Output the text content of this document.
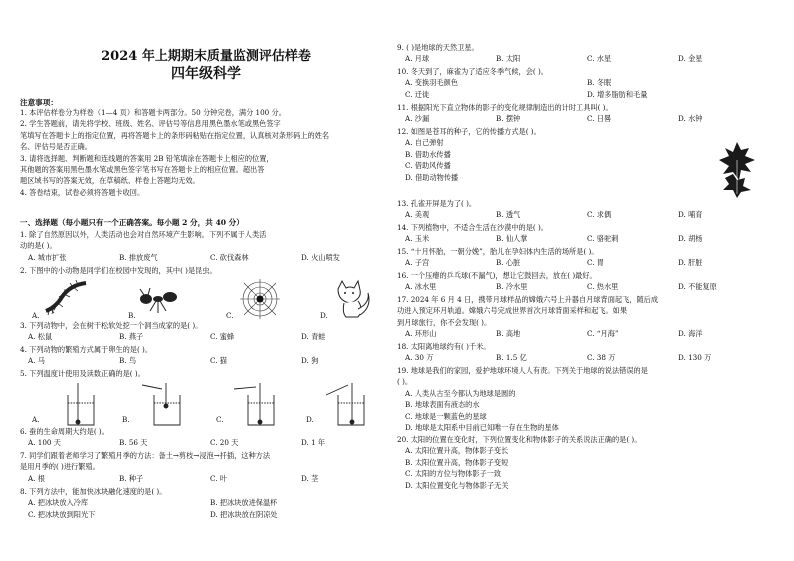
2024 年上期期末质量监测评估样卷
四年级科学
注意事项：
1. 本评估样卷分为样卷（1—4 页）和答题卡两部分。50 分钟完卷，满分 100 分。
2. 学生答题前，请先将学校、班级、姓名、评估号等信息用黑色墨水笔或黑色签字
笔填写在答题卡上的指定位置，再将答题卡上的条形码粘贴在指定位置，认真核对条形码上的姓名
名、评估号是否正确。
3. 请将选择题、判断题和连线题的答案用 2B 铅笔填涂在答题卡上相应的位置，
其他题的答案用黑色墨水笔或黑色签字笔书写在答题卡上的相应位置。超出答
题区域书写的答案无效，在草稿纸、样卷上答题均无效。
4. 答卷结束，试卷必须将答题卡收回。
一、选择题（每小题只有一个正确答案。每小题 2 分，共 40 分）
1. 除了自然原因以外，人类活动也会对自然环境产生影响。下列不属于人类活
动的是( )。
A. 城市扩张	B. 排放废气	C. 砍伐森林	D. 火山喷发
2. 下图中的小动物是同学们在校园中发现的，其中( )是昆虫。
A.	B.	C.	D.
3. 下列动物中，会在树干松软处挖一个洞当成家的是( )。
A. 松鼠	B. 燕子	C. 蜜蜂	D. 青蛙
4. 下列动物的繁殖方式属于卵生的是( )。
A. 马	B. 鸟	C. 猫	D. 狗
5. 下列温度计使用及读数正确的是( )。
A.	B.	C.	D.
6. 蚕的生命周期大约是( )。
A. 100 天	B. 56 天	C. 20 天	D. 1 年
7. 同学们跟着老师学习了繁殖月季的方法：备土→剪枝→浸泡→扦插，这种方法
是用月季的( )进行繁殖。
A. 根	B. 种子	C. 叶	D. 茎
8. 下列方法中，能加快冰块融化速度的是( )。
A. 把冰块放入冷库	B. 把冰块放进保温杯
C. 把冰块放到阳光下	D. 把冰块放在阴凉处
9. ( )是地球的天然卫星。
A. 月球	B. 太阳	C. 水星	D. 金星
10. 冬天到了，麻雀为了适应冬季气候，会( )。
A. 变换羽毛颜色	B. 冬眠
C. 迁徙	D. 增多脂肪和毛量
11. 根据阳光下直立物体的影子的变化规律制造出的计时工具叫( )。
A. 沙漏	B. 摆钟	C. 日晷	D. 水钟
12. 如图是苍耳的种子，它的传播方式是( )。
A. 自己弹射
B. 借助水传播
C. 借助风传播
D. 借助动物传播
13. 孔雀开屏是为了( )。
A. 美观	B. 透气	C. 求偶	D. 哺育
14. 下列植物中，不适合生活在沙漠中的是( )。
A. 玉米	B. 仙人掌	C. 骆驼刺	D. 胡杨
15. “十月怀胎，一朝分娩”，胎儿在孕妇体内生活的场所是( )。
A. 子宫	B. 心脏	C. 胃	D. 肝脏
16. 一个压瘪的乒乓球(不漏气)，想让它鼓回去，放在( )最好。
A. 冰水里	B. 冷水里	C. 热水里	D. 不能复原
17. 2024 年 6 月 4 日，携带月球样品的嫦娥六号上升器自月球背面起飞，随后成
功进入预定环月轨道。嫦娥六号完成世界首次月球背面采样和起飞。如果
到月球旅行，你不会发现( )。
A. 环形山	B. 高地	C. “月海”	D. 海洋
18. 太阳离地球约有( )千米。
A. 30 万	B. 1.5 亿	C. 38 万	D. 130 万
19. 地球是我们的家园，爱护地球环境人人有责。下列关于地球的说法错误的是
( )。
A. 人类从古至今都认为地球是圆的
B. 地球表面有液态的水
C. 地球是一颗蓝色的星球
D. 地球是太阳系中目前已知唯一存在生物的星体
20. 太阳的位置在变化时，下列位置变化和物体影子的关系说法正确的是( )。
A. 太阳位置升高，物体影子变长
B. 太阳位置升高，物体影子变短
C. 太阳的方位与物体影子一致
D. 太阳位置变化与物体影子无关
